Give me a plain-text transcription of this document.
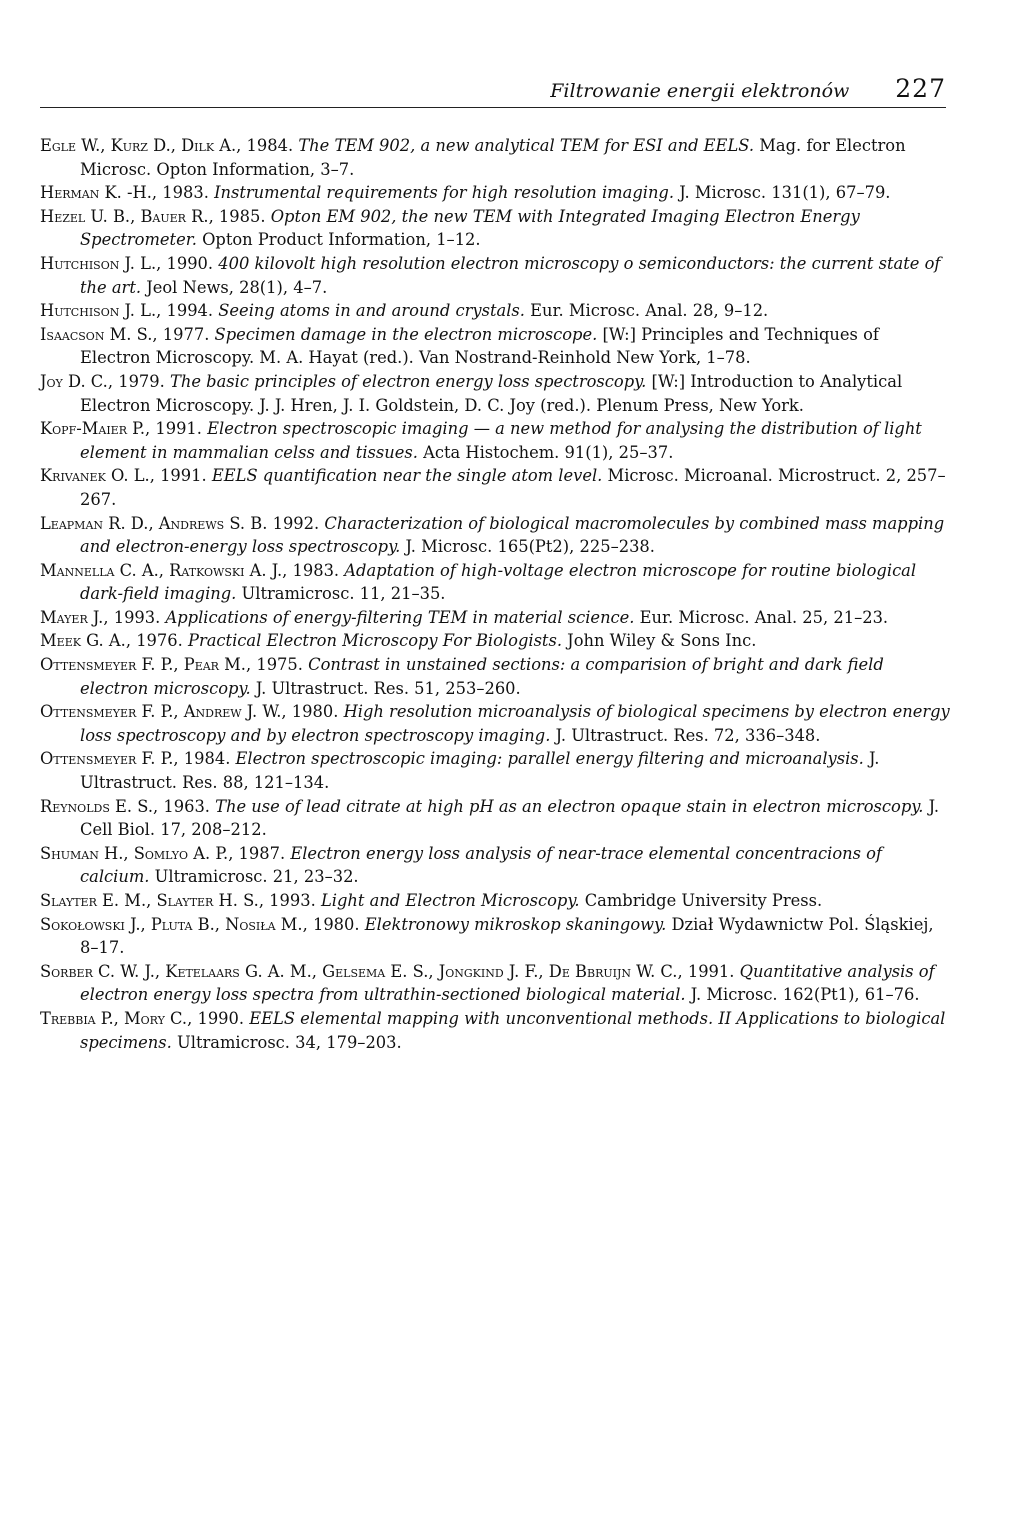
Filtrowanie energii elektronów 227

Egle W., Kurz D., Dilk A., 1984. The TEM 902, a new analytical TEM for ESI and EELS. Mag. for Electron Microsc. Opton Information, 3–7.

Herman K. -H., 1983. Instrumental requirements for high resolution imaging. J. Microsc. 131(1), 67–79.

Hezel U. B., Bauer R., 1985. Opton EM 902, the new TEM with Integrated Imaging Electron Energy Spectrometer. Opton Product Information, 1–12.

Hutchison J. L., 1990. 400 kilovolt high resolution electron microscopy o semiconductors: the current state of the art. Jeol News, 28(1), 4–7.

Hutchison J. L., 1994. Seeing atoms in and around crystals. Eur. Microsc. Anal. 28, 9–12.

Isaacson M. S., 1977. Specimen damage in the electron microscope. [W:] Principles and Techniques of Electron Microscopy. M. A. Hayat (red.). Van Nostrand-Reinhold New York, 1–78.

Joy D. C., 1979. The basic principles of electron energy loss spectroscopy. [W:] Introduction to Analytical Electron Microscopy. J. J. Hren, J. I. Goldstein, D. C. Joy (red.). Plenum Press, New York.

Kopf-Maier P., 1991. Electron spectroscopic imaging — a new method for analysing the distribution of light element in mammalian celss and tissues. Acta Histochem. 91(1), 25–37.

Krivanek O. L., 1991. EELS quantification near the single atom level. Microsc. Microanal. Microstruct. 2, 257–267.

Leapman R. D., Andrews S. B. 1992. Characterization of biological macromolecules by combined mass mapping and electron-energy loss spectroscopy. J. Microsc. 165(Pt2), 225–238.

Mannella C. A., Ratkowski A. J., 1983. Adaptation of high-voltage electron microscope for routine biological dark-field imaging. Ultramicrosc. 11, 21–35.

Mayer J., 1993. Applications of energy-filtering TEM in material science. Eur. Microsc. Anal. 25, 21–23.

Meek G. A., 1976. Practical Electron Microscopy For Biologists. John Wiley & Sons Inc.

Ottensmeyer F. P., Pear M., 1975. Contrast in unstained sections: a comparision of bright and dark field electron microscopy. J. Ultrastruct. Res. 51, 253–260.

Ottensmeyer F. P., Andrew J. W., 1980. High resolution microanalysis of biological specimens by electron energy loss spectroscopy and by electron spectroscopy imaging. J. Ultrastruct. Res. 72, 336–348.

Ottensmeyer F. P., 1984. Electron spectroscopic imaging: parallel energy filtering and microanalysis. J. Ultrastruct. Res. 88, 121–134.

Reynolds E. S., 1963. The use of lead citrate at high pH as an electron opaque stain in electron microscopy. J. Cell Biol. 17, 208–212.

Shuman H., Somlyo A. P., 1987. Electron energy loss analysis of near-trace elemental concentracions of calcium. Ultramicrosc. 21, 23–32.

Slayter E. M., Slayter H. S., 1993. Light and Electron Microscopy. Cambridge University Press.

Sokołowski J., Pluta B., Nosiła M., 1980. Elektronowy mikroskop skaningowy. Dział Wydawnictw Pol. Śląskiej, 8–17.

Sorber C. W. J., Ketelaars G. A. M., Gelsema E. S., Jongkind J. F., De Bbruijn W. C., 1991. Quantitative analysis of electron energy loss spectra from ultrathin-sectioned biological material. J. Microsc. 162(Pt1), 61–76.

Trebbia P., Mory C., 1990. EELS elemental mapping with unconventional methods. II Applications to biological specimens. Ultramicrosc. 34, 179–203.
